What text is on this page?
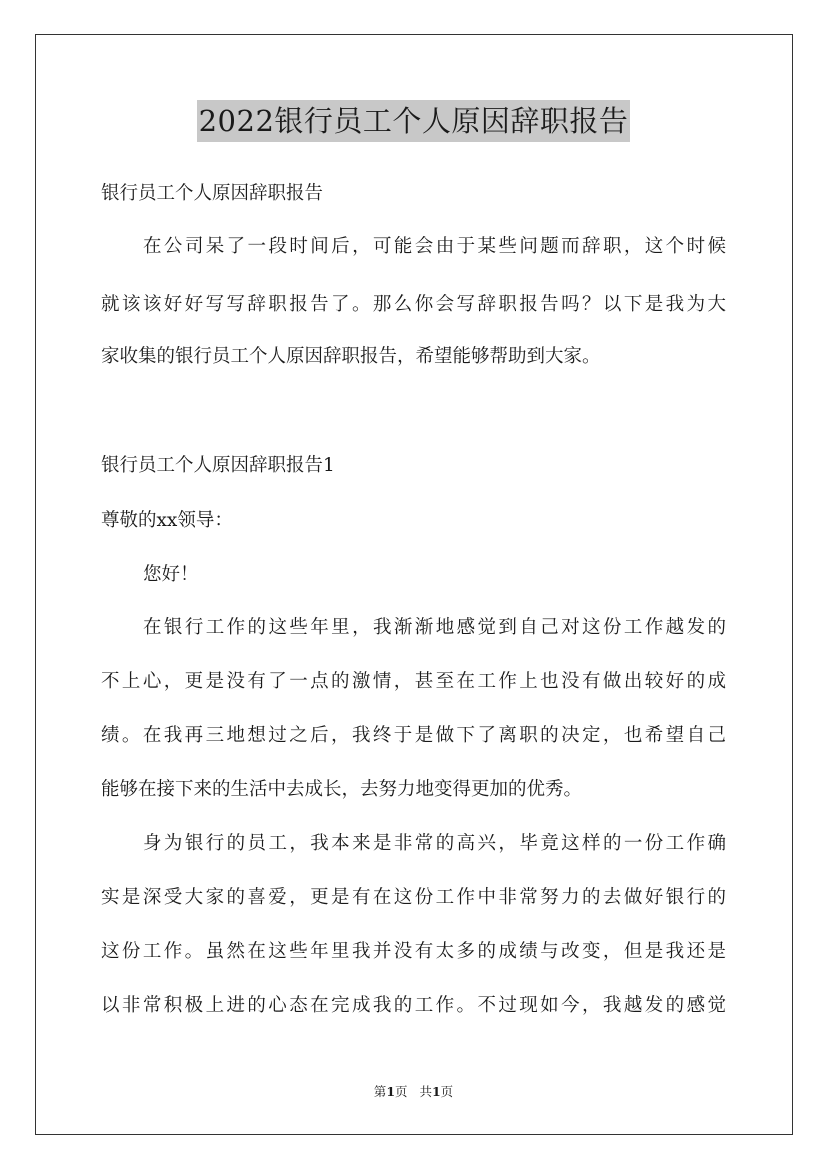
2022银行员工个人原因辞职报告
银行员工个人原因辞职报告
在公司呆了一段时间后，可能会由于某些问题而辞职，这个时候
就该该好好写写辞职报告了。那么你会写辞职报告吗？以下是我为大
家收集的银行员工个人原因辞职报告，希望能够帮助到大家。
银行员工个人原因辞职报告1
尊敬的xx领导：
您好！
在银行工作的这些年里，我渐渐地感觉到自己对这份工作越发的
不上心，更是没有了一点的激情，甚至在工作上也没有做出较好的成
绩。在我再三地想过之后，我终于是做下了离职的决定，也希望自己
能够在接下来的生活中去成长，去努力地变得更加的优秀。
身为银行的员工，我本来是非常的高兴，毕竟这样的一份工作确
实是深受大家的喜爱，更是有在这份工作中非常努力的去做好银行的
这份工作。虽然在这些年里我并没有太多的成绩与改变，但是我还是
以非常积极上进的心态在完成我的工作。不过现如今，我越发的感觉
第1页 共1页
